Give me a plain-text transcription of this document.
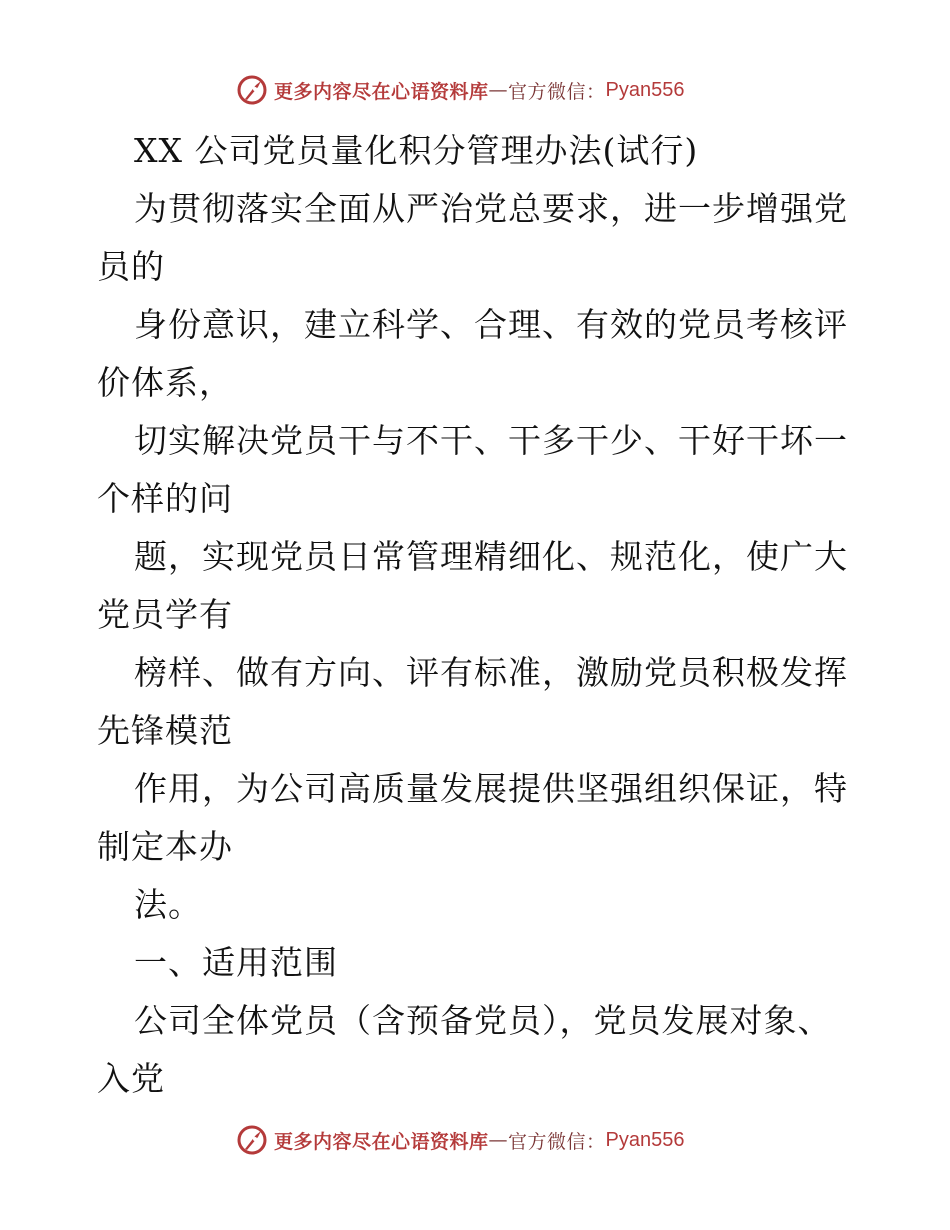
更多内容尽在心语资料库 — 官方微信： Pyan556
XX 公司党员量化积分管理办法(试行)
为贯彻落实全面从严治党总要求，进一步增强党
员的
身份意识，建立科学、合理、有效的党员考核评
价体系，
切实解决党员干与不干、干多干少、干好干坏一
个样的问
题，实现党员日常管理精细化、规范化，使广大
党员学有
榜样、做有方向、评有标准，激励党员积极发挥
先锋模范
作用，为公司高质量发展提供坚强组织保证，特
制定本办
法。
一、适用范围
公司全体党员（含预备党员），党员发展对象、
入党
更多内容尽在心语资料库 — 官方微信： Pyan556
